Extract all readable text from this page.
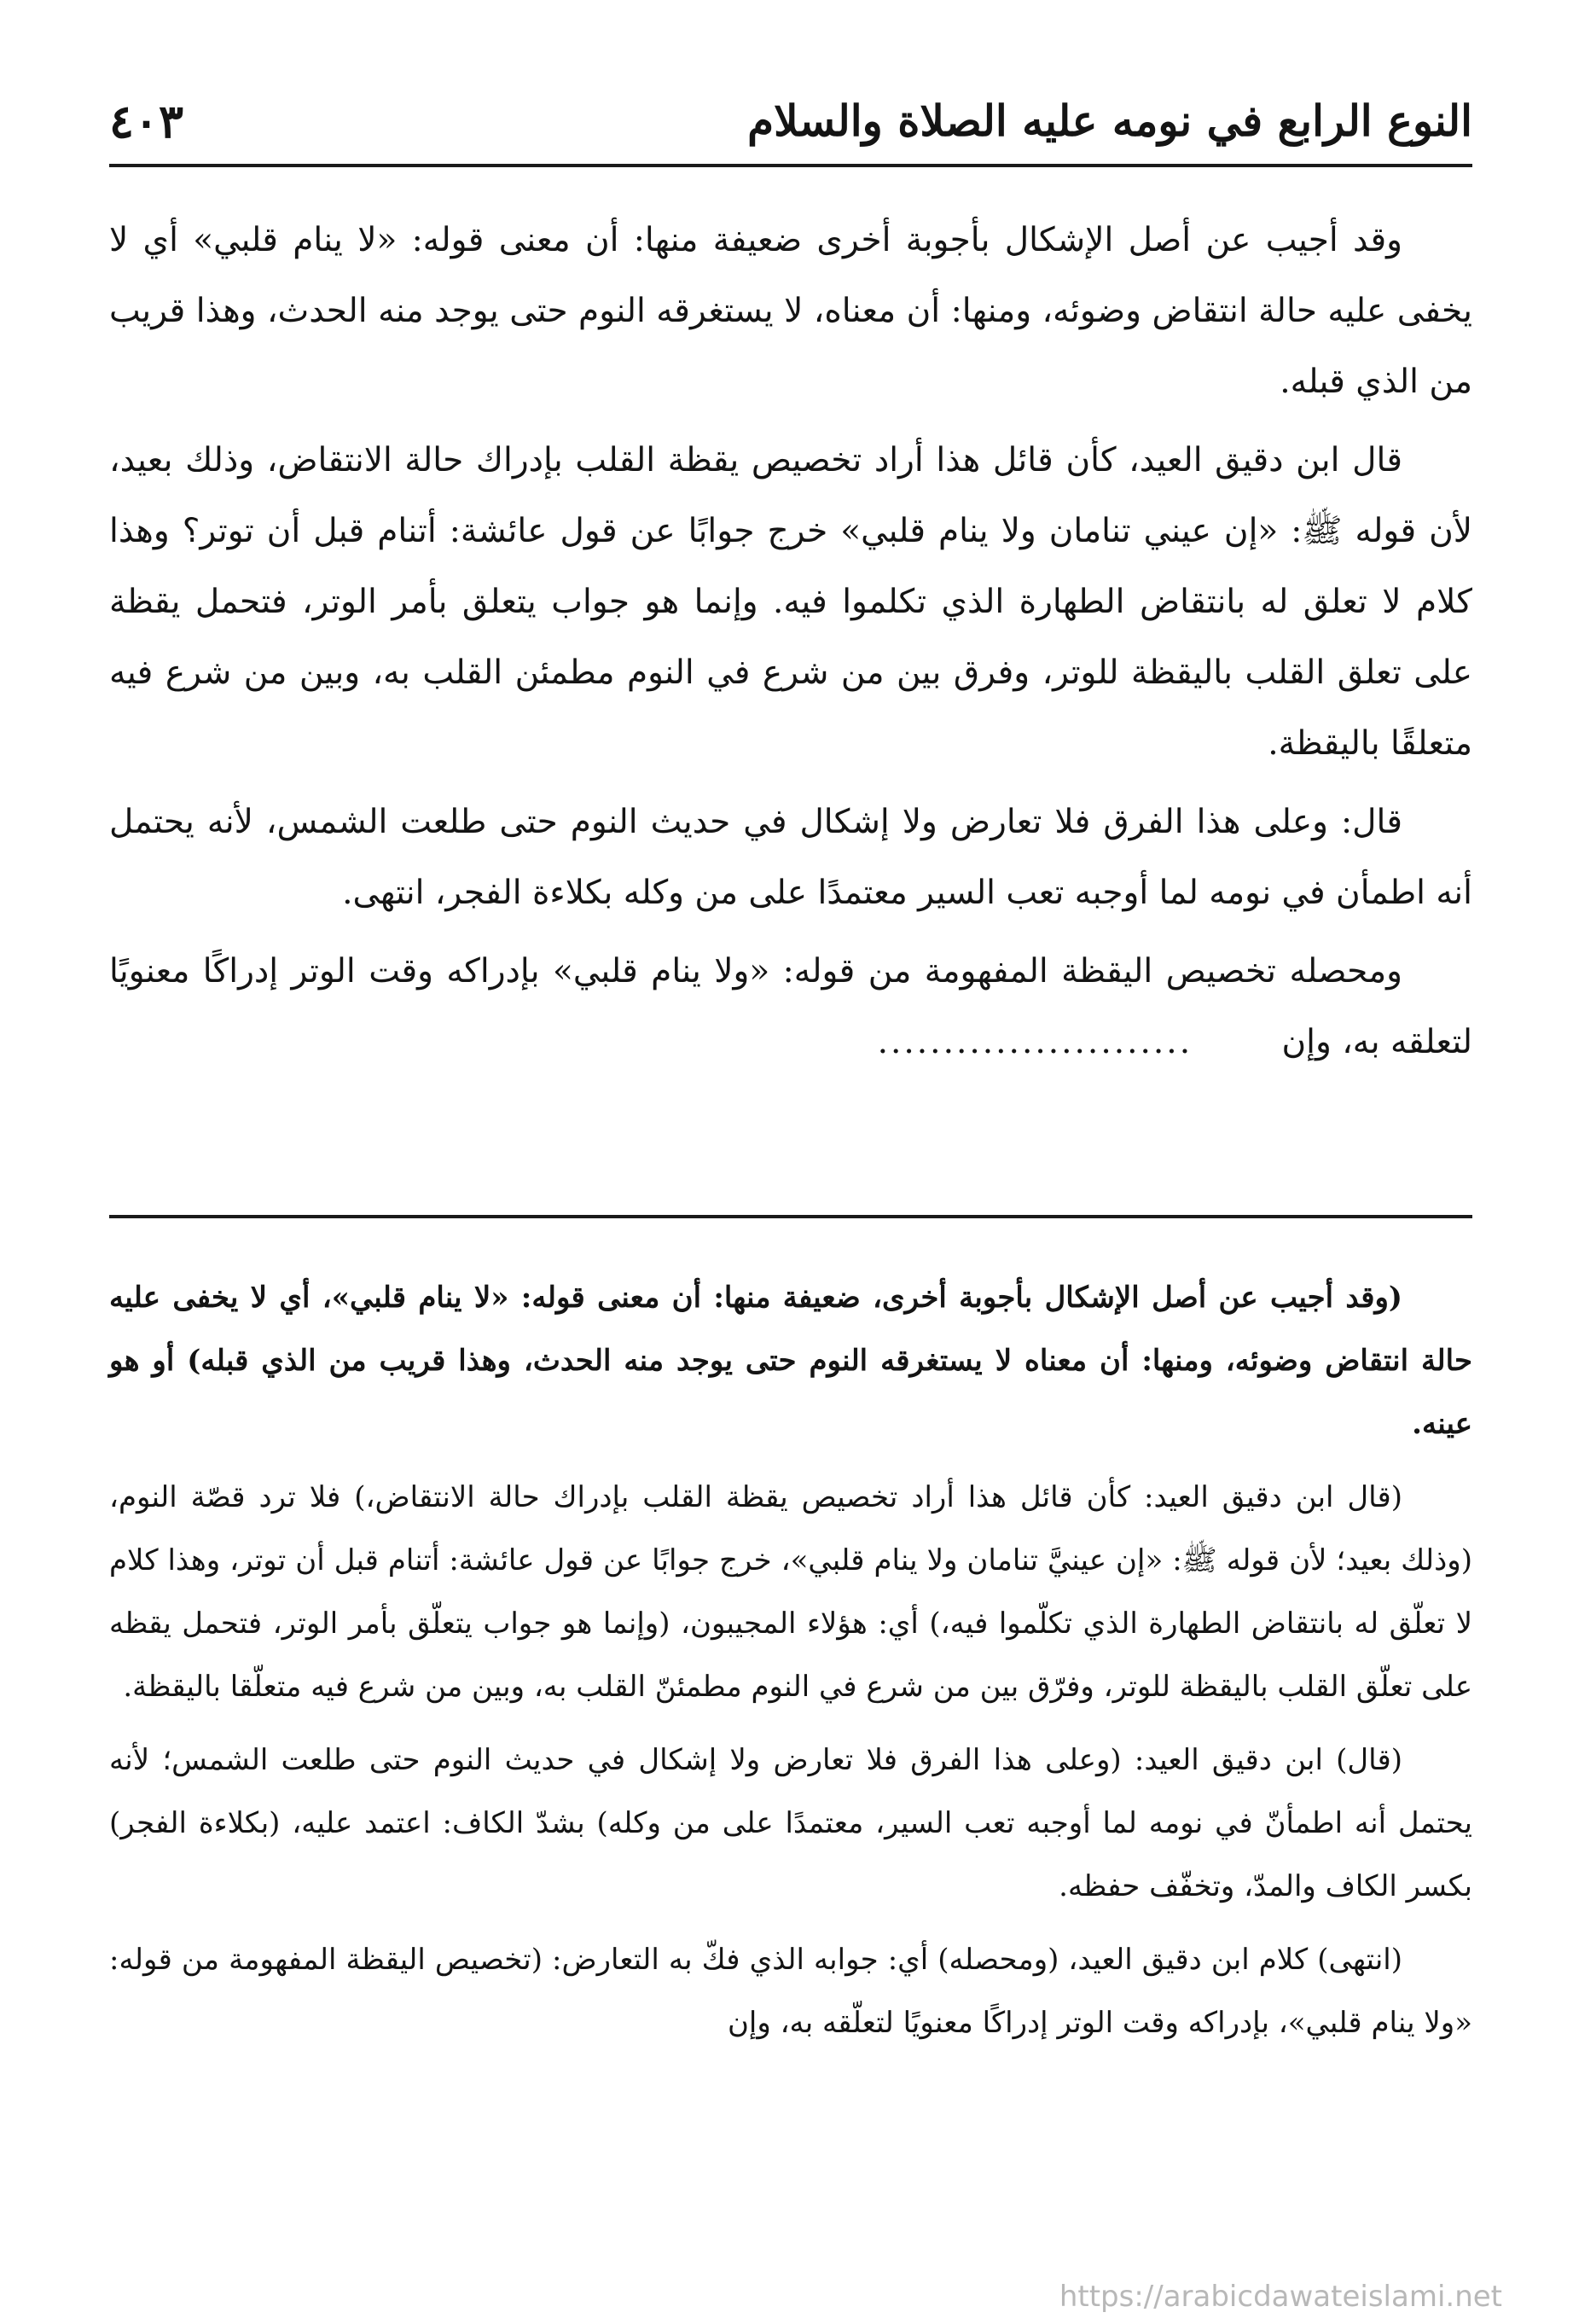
النوع الرابع في نومه عليه الصلاة والسلام
٤٠٣

وقد أجيب عن أصل الإشكال بأجوبة أخرى ضعيفة منها: أن معنى قوله: «لا ينام قلبي» أي لا يخفى عليه حالة انتقاض وضوئه، ومنها: أن معناه، لا يستغرقه النوم حتى يوجد منه الحدث، وهذا قريب من الذي قبله.

قال ابن دقيق العيد، كأن قائل هذا أراد تخصيص يقظة القلب بإدراك حالة الانتقاض، وذلك بعيد، لأن قوله ﷺ: «إن عيني تنامان ولا ينام قلبي» خرج جوابًا عن قول عائشة: أتنام قبل أن توتر؟ وهذا كلام لا تعلق له بانتقاض الطهارة الذي تكلموا فيه. وإنما هو جواب يتعلق بأمر الوتر، فتحمل يقظة على تعلق القلب باليقظة للوتر، وفرق بين من شرع في النوم مطمئن القلب به، وبين من شرع فيه متعلقًا باليقظة.

قال: وعلى هذا الفرق فلا تعارض ولا إشكال في حديث النوم حتى طلعت الشمس، لأنه يحتمل أنه اطمأن في نومه لما أوجبه تعب السير معتمدًا على من وكله بكلاءة الفجر، انتهى.

ومحصله تخصيص اليقظة المفهومة من قوله: «ولا ينام قلبي» بإدراكه وقت الوتر إدراكًا معنويًا لتعلقه به، وإن ........................

(وقد أجيب عن أصل الإشكال بأجوبة أخرى، ضعيفة منها: أن معنى قوله: «لا ينام قلبي»، أي لا يخفى عليه حالة انتقاض وضوئه، ومنها: أن معناه لا يستغرقه النوم حتى يوجد منه الحدث، وهذا قريب من الذي قبله) أو هو عينه.

(قال ابن دقيق العيد: كأن قائل هذا أراد تخصيص يقظة القلب بإدراك حالة الانتقاض،) فلا ترد قصّة النوم، (وذلك بعيد؛ لأن قوله ﷺ: «إن عينيَّ تنامان ولا ينام قلبي»، خرج جوابًا عن قول عائشة: أتنام قبل أن توتر، وهذا كلام لا تعلّق له بانتقاض الطهارة الذي تكلّموا فيه،) أي: هؤلاء المجيبون، (وإنما هو جواب يتعلّق بأمر الوتر، فتحمل يقظه على تعلّق القلب باليقظة للوتر، وفرّق بين من شرع في النوم مطمئنّ القلب به، وبين من شرع فيه متعلّقا باليقظة.

(قال) ابن دقيق العيد: (وعلى هذا الفرق فلا تعارض ولا إشكال في حديث النوم حتى طلعت الشمس؛ لأنه يحتمل أنه اطمأنّ في نومه لما أوجبه تعب السير، معتمدًا على من وكله) بشدّ الكاف: اعتمد عليه، (بكلاءة الفجر) بكسر الكاف والمدّ، وتخفّف حفظه.

(انتهى) كلام ابن دقيق العيد، (ومحصله) أي: جوابه الذي فكّ به التعارض: (تخصيص اليقظة المفهومة من قوله: «ولا ينام قلبي»، بإدراكه وقت الوتر إدراكًا معنويًا لتعلّقه به، وإن

https://arabicdawateislami.net
